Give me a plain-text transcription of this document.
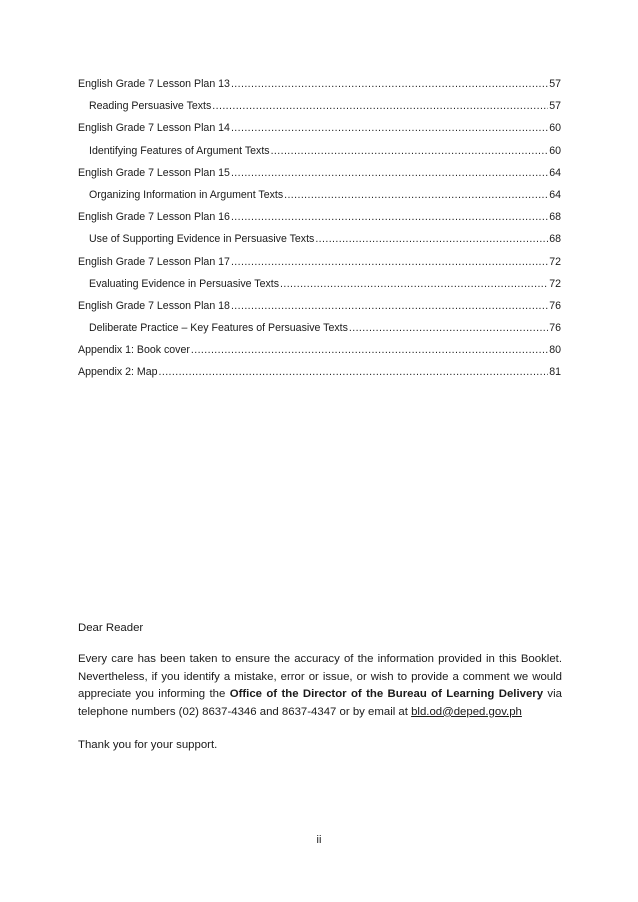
English Grade 7 Lesson Plan 13 .....	57
Reading Persuasive Texts .....	57
English Grade 7 Lesson Plan 14 .....	60
Identifying Features of Argument Texts .....	60
English Grade 7 Lesson Plan 15 .....	64
Organizing Information in Argument Texts .....	64
English Grade 7 Lesson Plan 16 .....	68
Use of Supporting Evidence in Persuasive Texts .....	68
English Grade 7 Lesson Plan 17 .....	72
Evaluating Evidence in Persuasive Texts .....	72
English Grade 7 Lesson Plan 18 .....	76
Deliberate Practice – Key Features of Persuasive Texts .....	76
Appendix 1: Book cover .....	80
Appendix 2: Map .....	81

Dear Reader

Every care has been taken to ensure the accuracy of the information provided in this Booklet. Nevertheless, if you identify a mistake, error or issue, or wish to provide a comment we would appreciate you informing the Office of the Director of the Bureau of Learning Delivery via telephone numbers (02) 8637-4346 and 8637-4347 or by email at bld.od@deped.gov.ph

Thank you for your support.

ii
